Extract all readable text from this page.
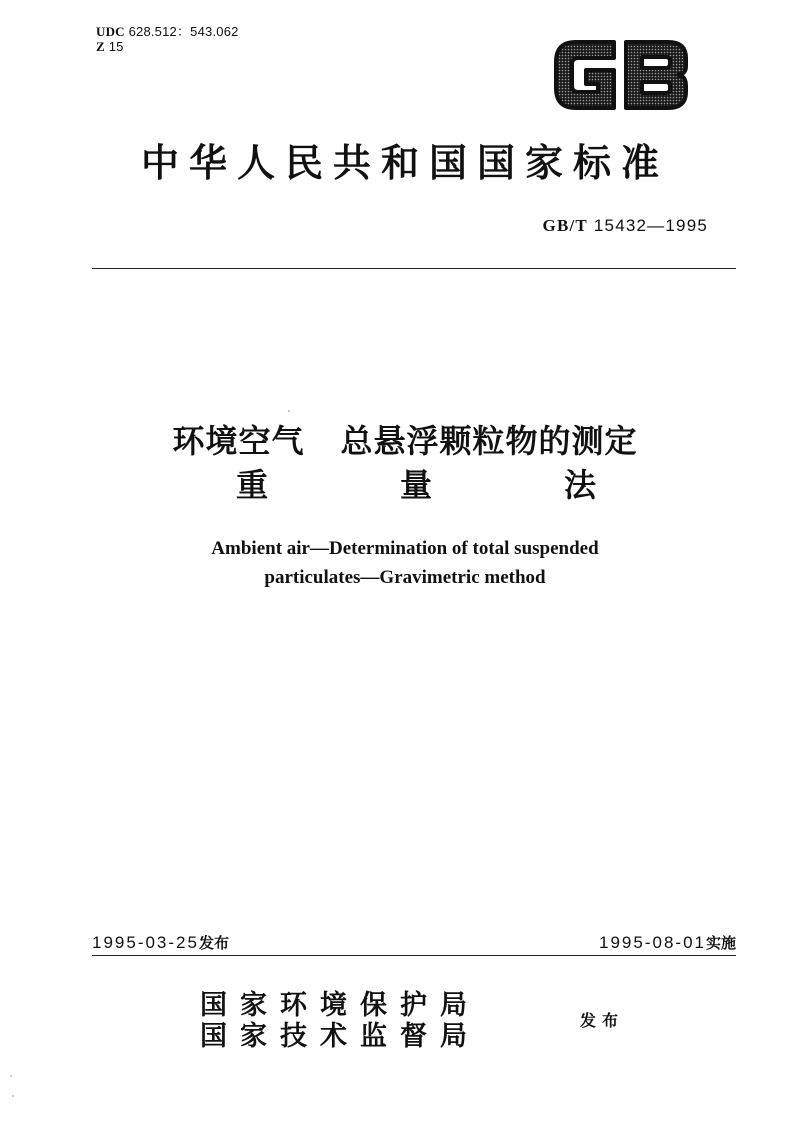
UDC 628.512：543.062
Z 15
中华人民共和国国家标准
GB/T 15432—1995
环境空气 总悬浮颗粒物的测定
重	量	法
Ambient air—Determination of total suspended
particulates—Gravimetric method
1995-03-25发布	1995-08-01实施
国家环境保护局
国家技术监督局
发布
